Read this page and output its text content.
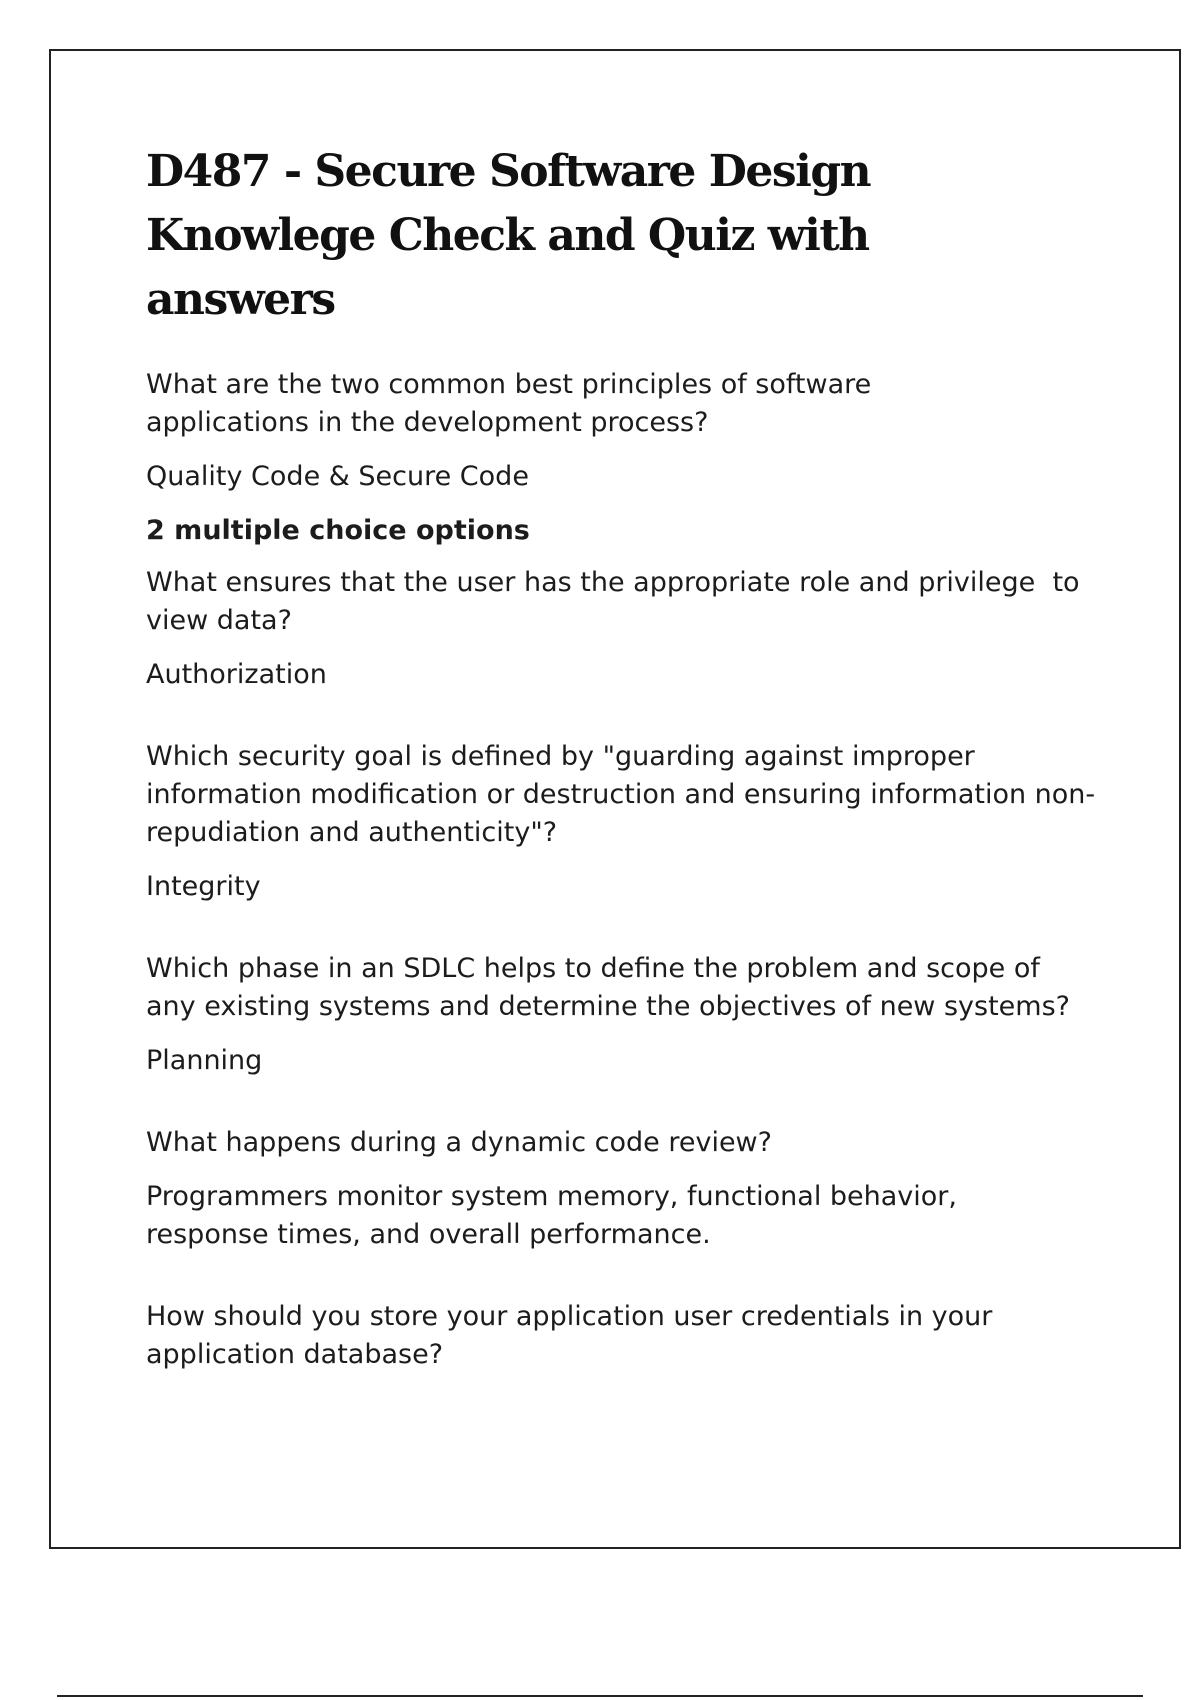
D487 - Secure Software Design Knowlege Check and Quiz with answers

What are the two common best principles of software applications in the development process?

Quality Code & Secure Code

2 multiple choice options

What ensures that the user has the appropriate role and privilege  to view data?

Authorization

Which security goal is defined by "guarding against improper information modification or destruction and ensuring information non-repudiation and authenticity"?

Integrity

Which phase in an SDLC helps to define the problem and scope of any existing systems and determine the objectives of new systems?

Planning

What happens during a dynamic code review?

Programmers monitor system memory, functional behavior, response times, and overall performance.

How should you store your application user credentials in your application database?
